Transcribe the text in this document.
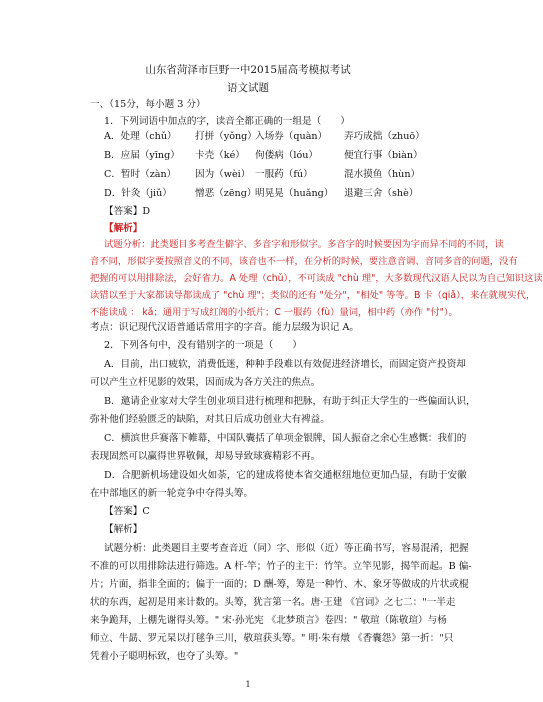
山东省菏泽市巨野一中2015届高考模拟考试
语文试题
一、（15分，每小题 3 分）
1．下列词语中加点的字，读音全都正确的一组是（　　）
A．处理（chǔ） 打拼（yǒng）
入场券（quàn） 弄巧成拙（zhuō）
B．应届（yīng） 卡壳（ké） 佝偻病（lóu）	便宜行事（biàn）
C．暂时（zàn） 因为（wèi） 一服药（fú）	混水摸鱼（hùn）
D．针灸（jiǔ） 憎恶（zēng）
明晃晃（huǎng） 退避三舍（shè）
【答案】D
【解析】
试题分析：此类题目多考查生僻字、多音字和形似字。多音字的时候要因为字而异不同的不同，读
音不同，形似字要按照音义的不同，该音也不一样，在分析的时候，要注意音调、音同多音的问题，没有
把握的可以用排除法，会好省力。A 处理（chǔ），不可读成 "chù 理"，大多数现代汉语人民以为自己知识这读
读错以至于大家都读导都读成了 "chù 理"；类似的还有 "处分"，"相处" 等等。B 卡（qiǎ），来在就规实代，
不能读成 ： kǎ；通用于写成红阁的小纸片；C 一服药（fù）量词，相中药（亦作 "付"）。
考点：识记现代汉语普通话常用字的字音。能力层级为识记 A。
2．下列各句中，没有错别字的一项是（　　）
A．目前，出口疲软，消费低迷，种种手段难以有效促进经济增长，而固定资产投资却
可以产生立杆见影的效果，因而成为各方关注的焦点。
B．邀请企业家对大学生创业项目进行梳理和把脉，有助于纠正大学生的一些偏面认识，
弥补他们经验匮乏的缺陷，对其日后成功创业大有裨益。
C．横滨世乒赛落下帷幕，中国队囊括了单项金银牌，国人振奋之余心生感慨：我们的
表现固然可以赢得世界敬佩，却易导致球赛精彩不再。
D．合肥新机场建设如火如荼，它的建成将使本省交通枢纽地位更加凸显，有助于安徽
在中部地区的新一轮竞争中夺得头筹。
【答案】C
【解析】
试题分析：此类题目主要考查音近（同）字、形似（近）等正确书写，容易混淆，把握
不准的可以用排除法进行筛选。A 杆-竿；竹子的主干：竹竿。立竿见影，揭竿而起。B 偏-
片；片面，指非全面的；偏于一面的；D 酬-筹，筹是一种竹、木、象牙等做成的片状或棍
状的东西，起初是用来计数的。头筹，犹言第一名。唐·王建 《宫词》之七二："一半走
来争跪拜，上棚先谢得头筹。" 宋·孙光宪 《北梦琐言》卷四：" 敬瑄（陈敬瑄）与杨
师立、牛勗、罗元杲以打毬争三川，敬瑄获头筹。" 明·朱有燉 《香囊怨》第一折："只
凭着小子聪明标致，也夺了头筹。"
1
